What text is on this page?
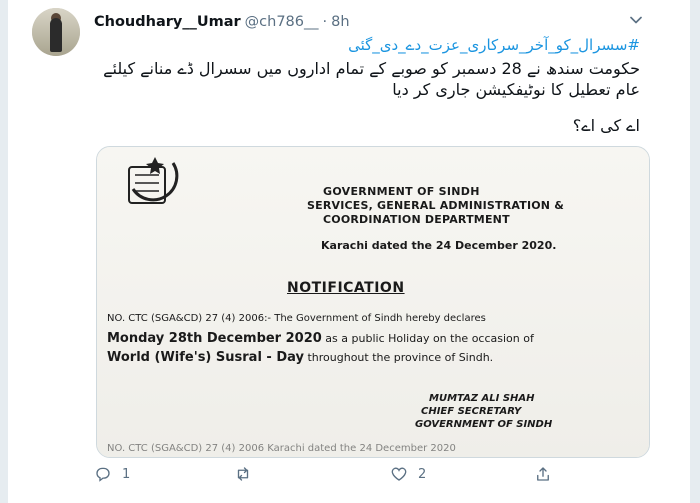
Choudhary__Umar @ch786__ · 8h
#سسرال_کو_آخر_سرکاری_عزت_دے_دی_گئی
حکومت سندھ نے 28 دسمبر کو صوبے کے تمام اداروں میں سسرال ڈے منانے کیلئے عام تعطیل کا نوٹیفکیشن جاری کر دیا
اے کی اے؟
GOVERNMENT OF SINDH
SERVICES, GENERAL ADMINISTRATION &
COORDINATION DEPARTMENT
Karachi dated the 24 December 2020.
NOTIFICATION
NO. CTC (SGA&CD) 27 (4) 2006:- The Government of Sindh hereby declares
Monday 28th December 2020 as a public Holiday on the occasion of
World (Wife's) Susral - Day throughout the province of Sindh.
MUMTAZ ALI SHAH
CHIEF SECRETARY
GOVERNMENT OF SINDH
NO. CTC (SGA&CD) 27 (4) 2006 Karachi dated the 24 December 2020
1	2
